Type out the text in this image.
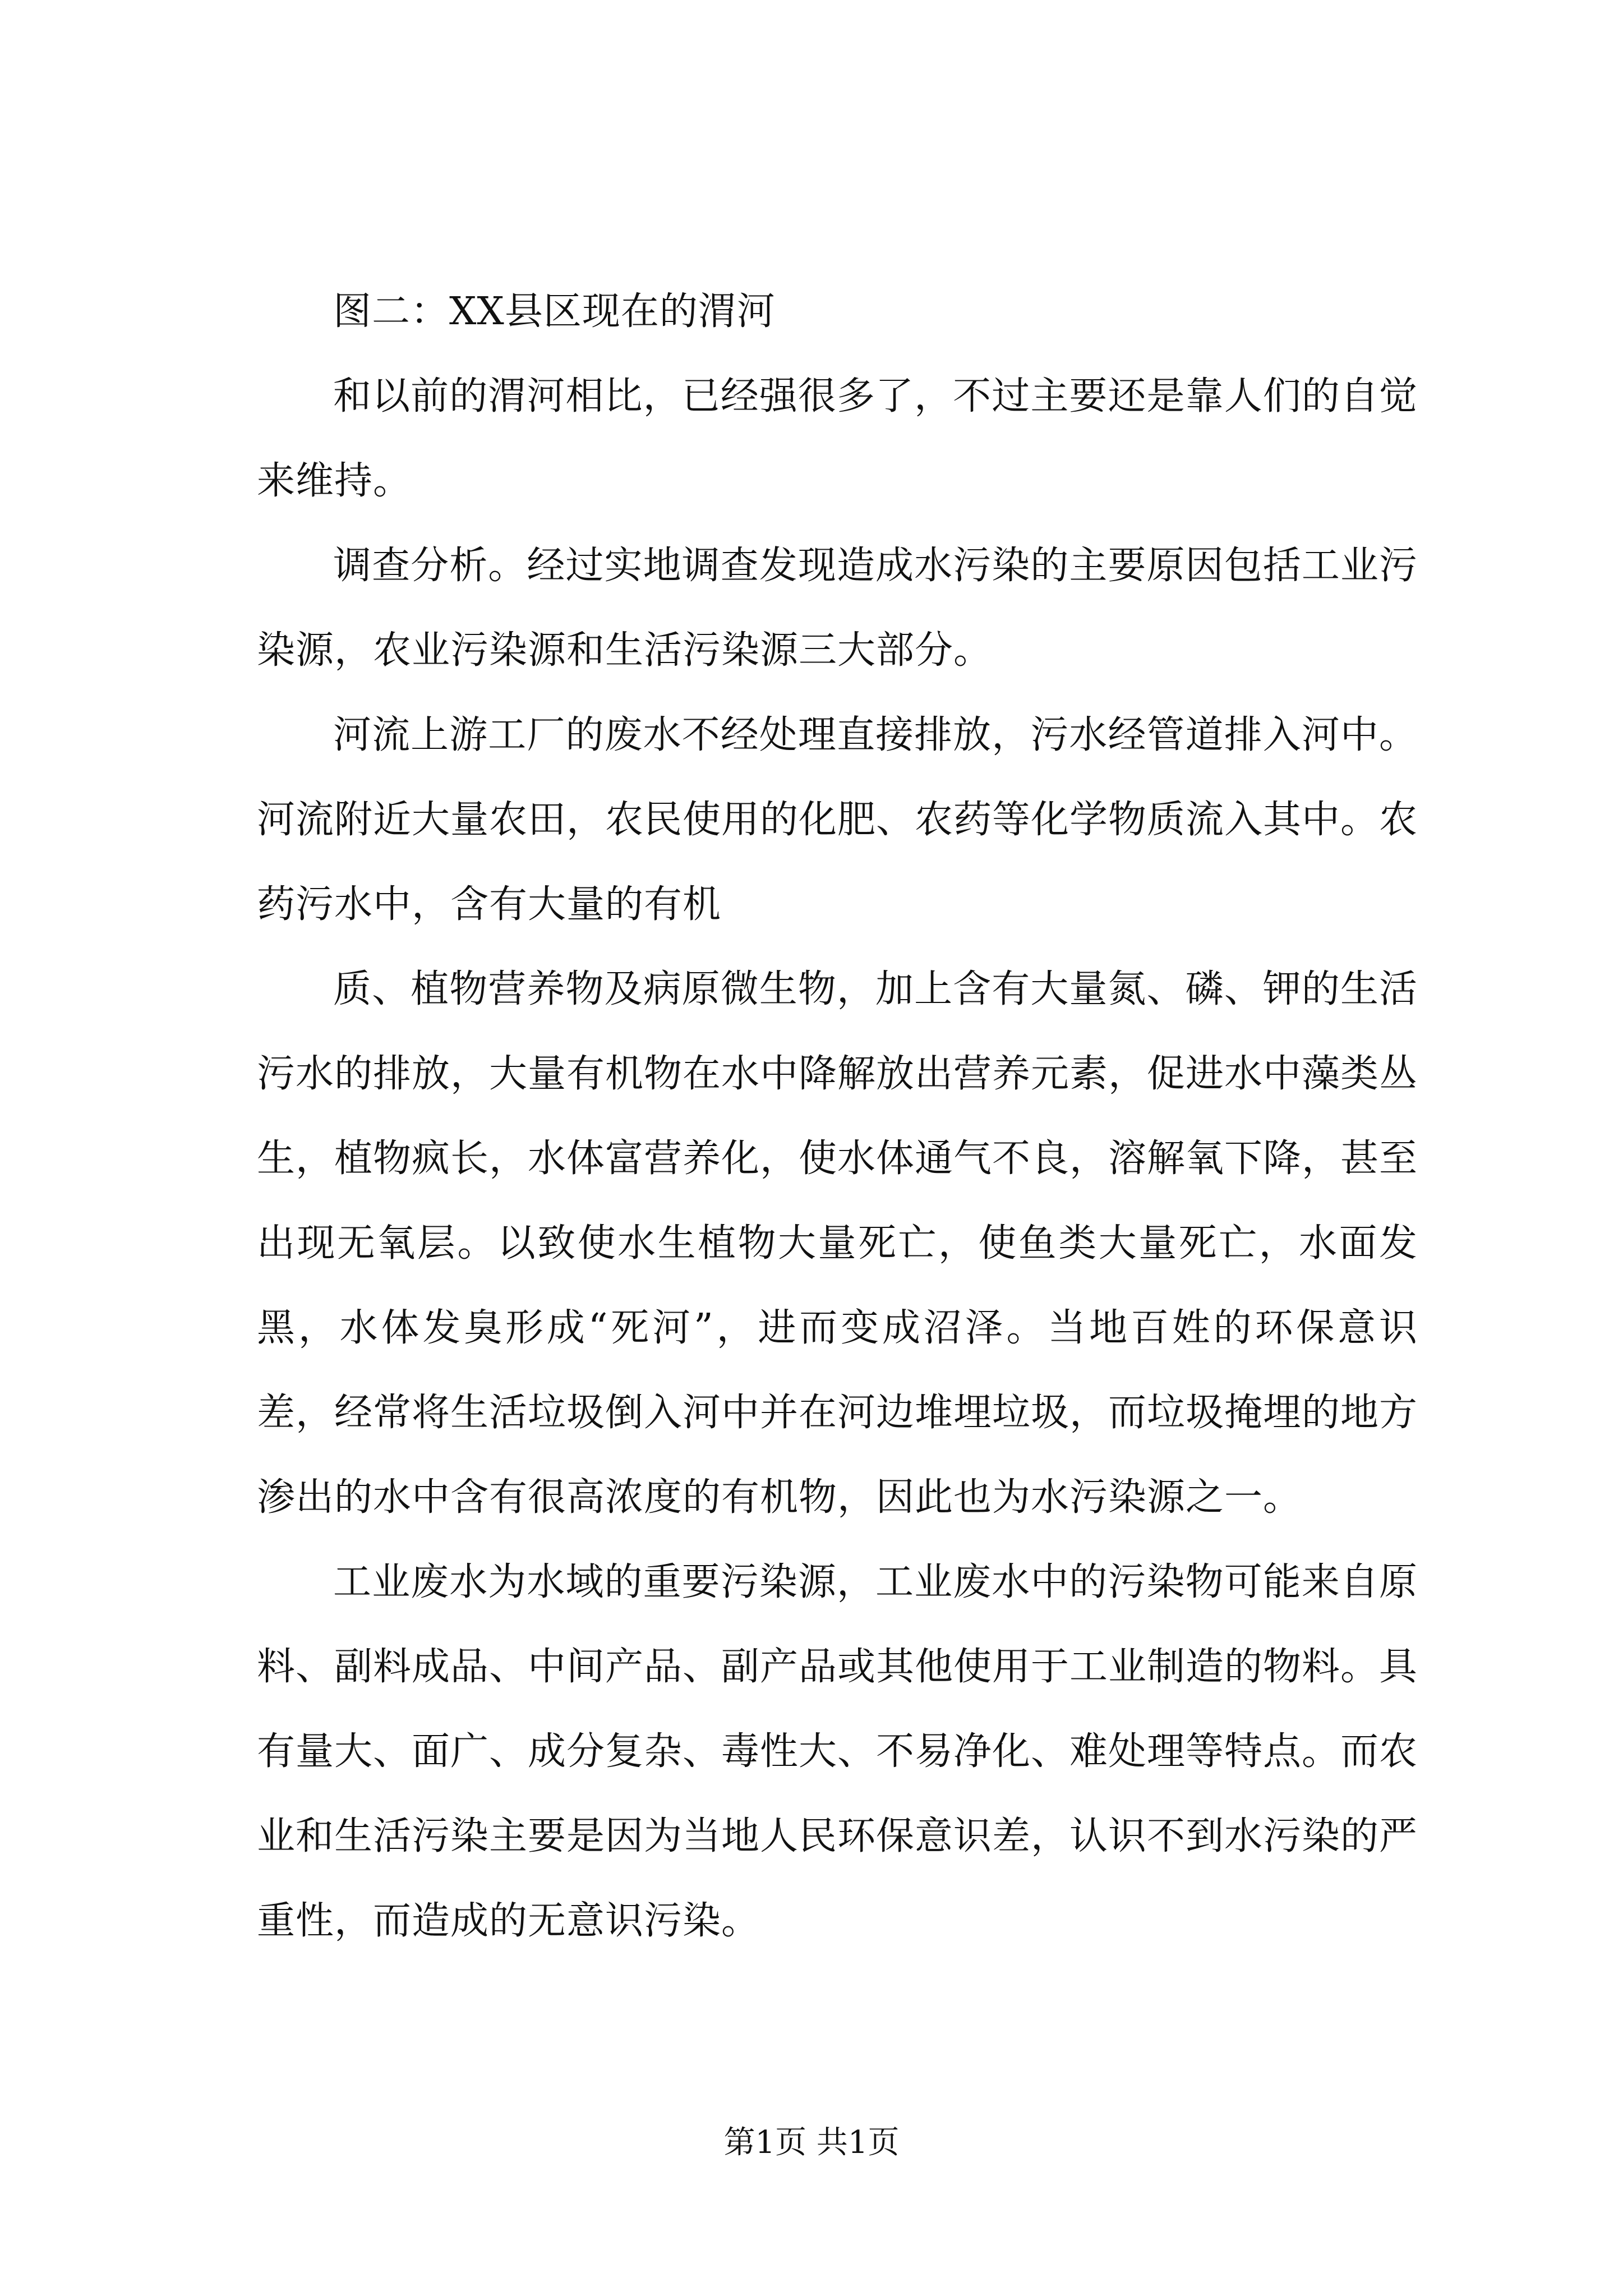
图二：XX县区现在的渭河

和以前的渭河相比，已经强很多了，不过主要还是靠人们的自觉来维持。

调查分析。经过实地调查发现造成水污染的主要原因包括工业污染源，农业污染源和生活污染源三大部分。

河流上游工厂的废水不经处理直接排放，污水经管道排入河中。河流附近大量农田，农民使用的化肥、农药等化学物质流入其中。农药污水中，含有大量的有机

质、植物营养物及病原微生物，加上含有大量氮、磷、钾的生活污水的排放，大量有机物在水中降解放出营养元素，促进水中藻类丛生，植物疯长，水体富营养化，使水体通气不良，溶解氧下降，甚至出现无氧层。以致使水生植物大量死亡，使鱼类大量死亡，水面发黑，水体发臭形成“死河”，进而变成沼泽。当地百姓的环保意识差，经常将生活垃圾倒入河中并在河边堆埋垃圾，而垃圾掩埋的地方渗出的水中含有很高浓度的有机物，因此也为水污染源之一。

工业废水为水域的重要污染源，工业废水中的污染物可能来自原料、副料成品、中间产品、副产品或其他使用于工业制造的物料。具有量大、面广、成分复杂、毒性大、不易净化、难处理等特点。而农业和生活污染主要是因为当地人民环保意识差，认识不到水污染的严重性，而造成的无意识污染。

第1页 共1页
